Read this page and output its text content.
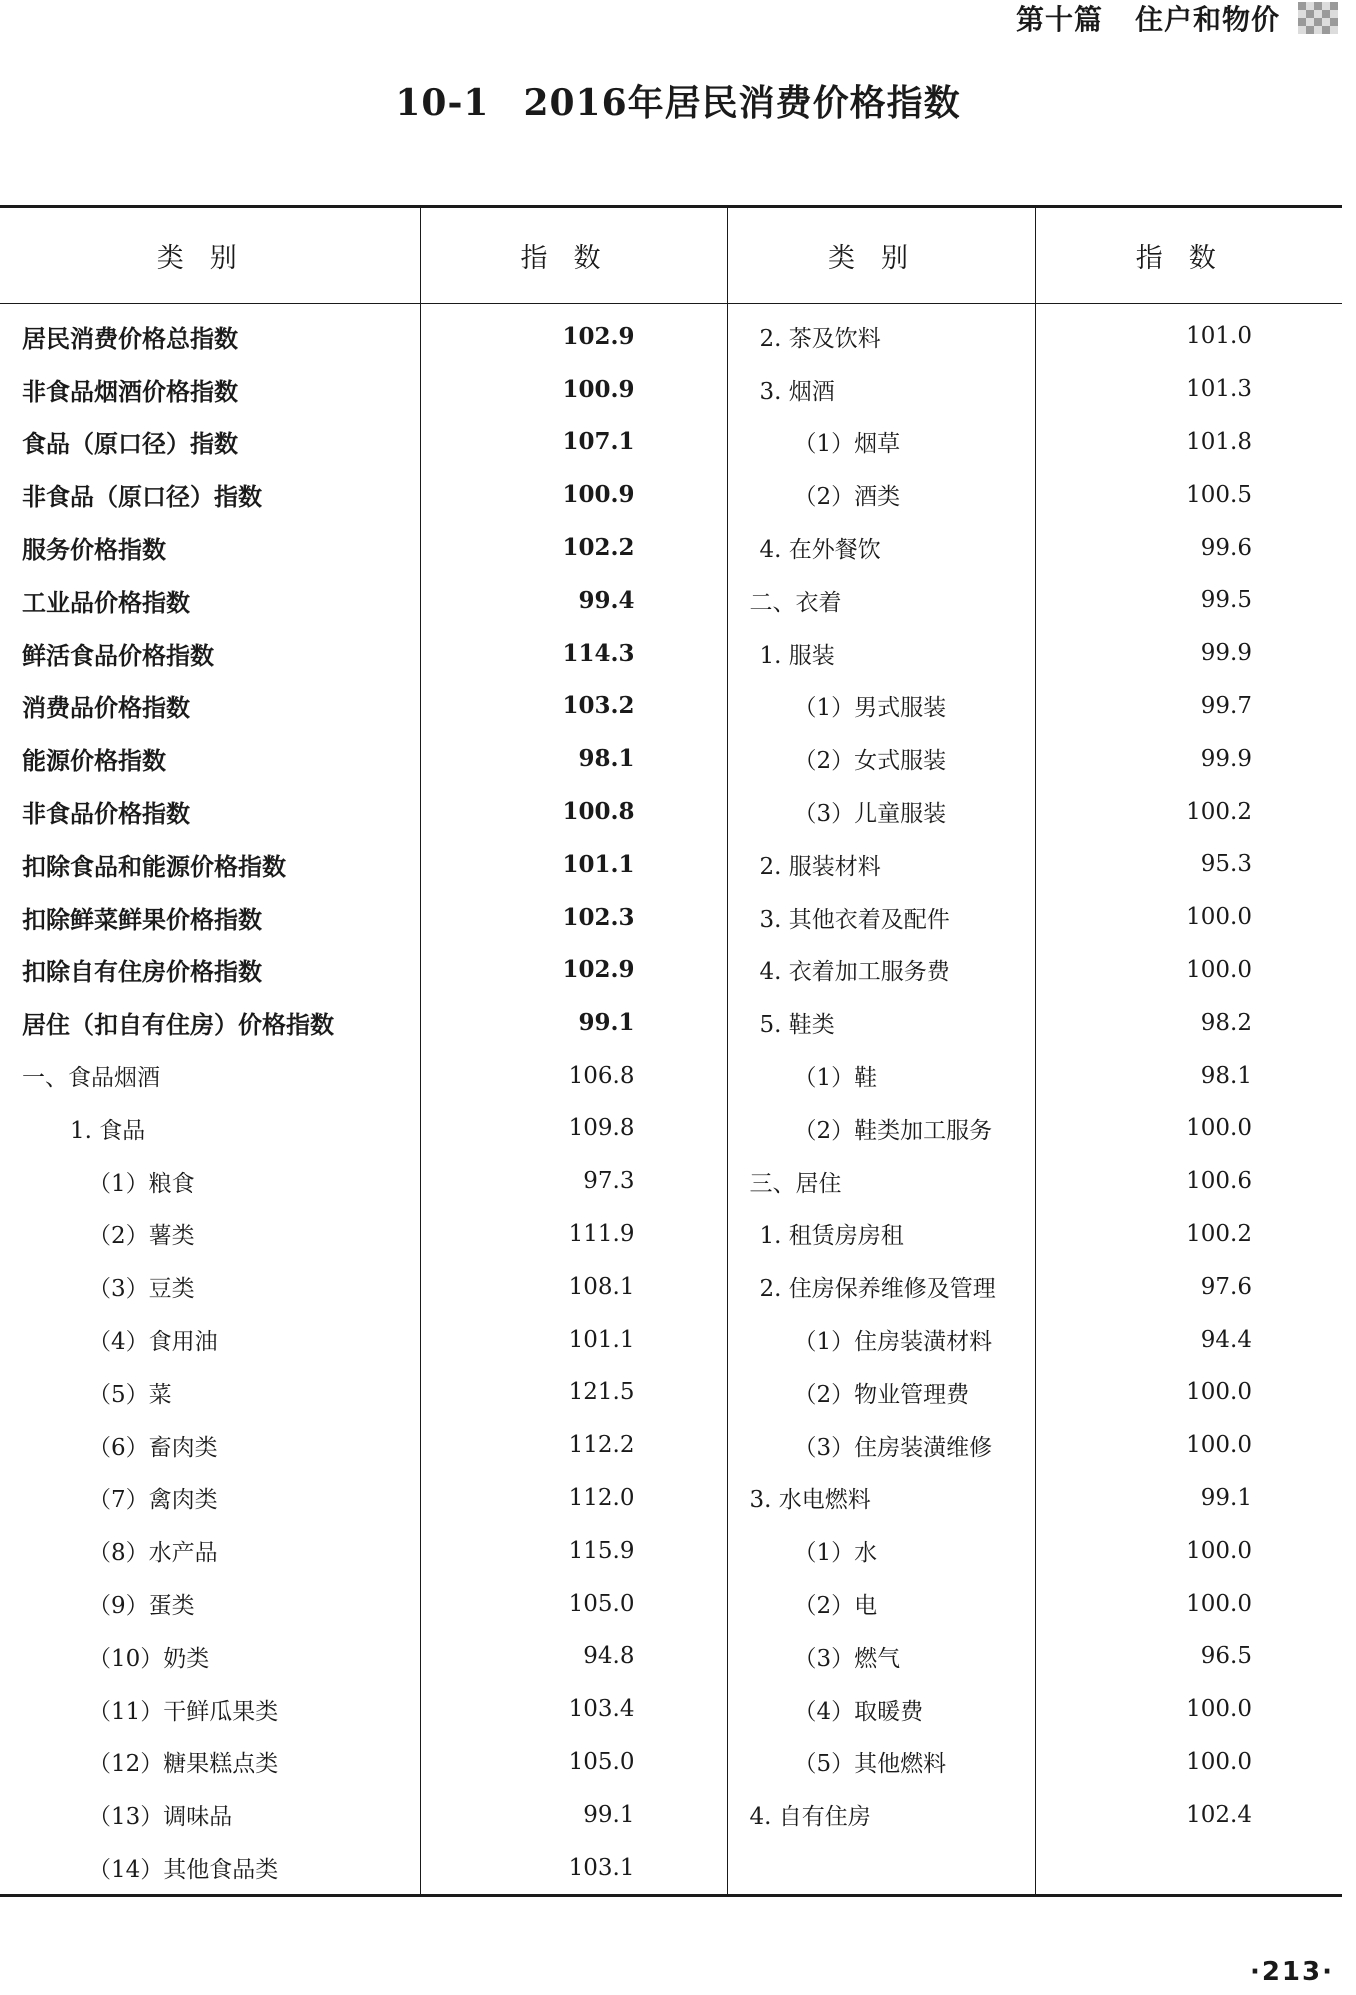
第十篇 住户和物价
10-1 2016年居民消费价格指数
类别	指数	类别	指数
居民消费价格总指数	102.9	2. 茶及饮料	101.0
非食品烟酒价格指数	100.9	3. 烟酒	101.3
食品（原口径）指数	107.1	（1）烟草	101.8
非食品（原口径）指数	100.9	（2）酒类	100.5
服务价格指数	102.2	4. 在外餐饮	99.6
工业品价格指数	99.4	二、衣着	99.5
鲜活食品价格指数	114.3	1. 服装	99.9
消费品价格指数	103.2	（1）男式服装	99.7
能源价格指数	98.1	（2）女式服装	99.9
非食品价格指数	100.8	（3）儿童服装	100.2
扣除食品和能源价格指数	101.1	2. 服装材料	95.3
扣除鲜菜鲜果价格指数	102.3	3. 其他衣着及配件	100.0
扣除自有住房价格指数	102.9	4. 衣着加工服务费	100.0
居住（扣自有住房）价格指数	99.1	5. 鞋类	98.2
一、食品烟酒	106.8	（1）鞋	98.1
1. 食品	109.8	（2）鞋类加工服务	100.0
（1）粮食	97.3	三、居住	100.6
（2）薯类	111.9	1. 租赁房房租	100.2
（3）豆类	108.1	2. 住房保养维修及管理	97.6
（4）食用油	101.1	（1）住房装潢材料	94.4
（5）菜	121.5	（2）物业管理费	100.0
（6）畜肉类	112.2	（3）住房装潢维修	100.0
（7）禽肉类	112.0	3. 水电燃料	99.1
（8）水产品	115.9	（1）水	100.0
（9）蛋类	105.0	（2）电	100.0
（10）奶类	94.8	（3）燃气	96.5
（11）干鲜瓜果类	103.4	（4）取暖费	100.0
（12）糖果糕点类	105.0	（5）其他燃料	100.0
（13）调味品	99.1	4. 自有住房	102.4
（14）其他食品类	103.1		
·213·
